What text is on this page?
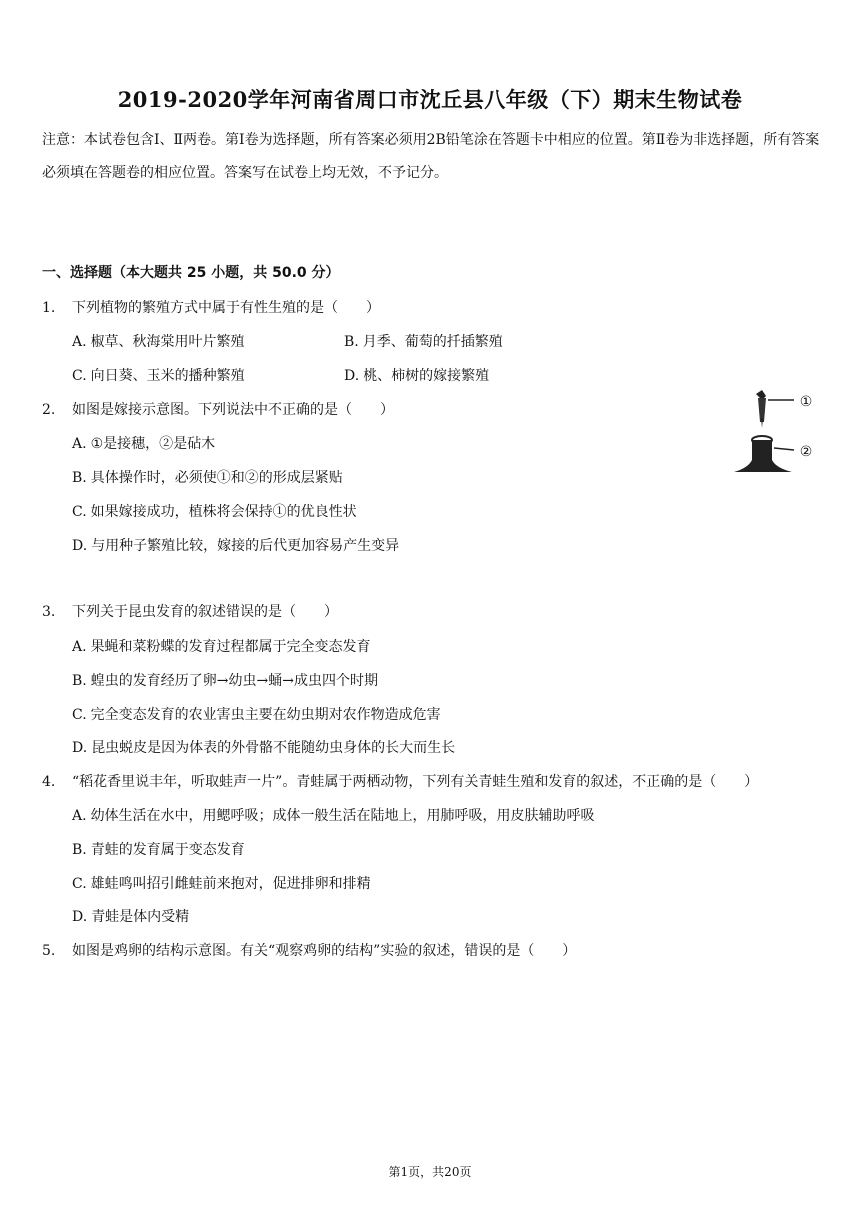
2019-2020学年河南省周口市沈丘县八年级（下）期末生物试卷
注意：本试卷包含Ⅰ、Ⅱ两卷。第Ⅰ卷为选择题，所有答案必须用2B铅笔涂在答题卡中相应的位置。第Ⅱ卷为非选择题，所有答案必须填在答题卷的相应位置。答案写在试卷上均无效，不予记分。
一、选择题（本大题共 25 小题，共 50.0 分）
1. 下列植物的繁殖方式中属于有性生殖的是（　　）
A. 椒草、秋海棠用叶片繁殖	B. 月季、葡萄的扦插繁殖
C. 向日葵、玉米的播种繁殖	D. 桃、柿树的嫁接繁殖
2. 如图是嫁接示意图。下列说法中不正确的是（　　）
A. ①是接穗，②是砧木
B. 具体操作时，必须使①和②的形成层紧贴
C. 如果嫁接成功，植株将会保持①的优良性状
D. 与用种子繁殖比较，嫁接的后代更加容易产生变异
①
②
3. 下列关于昆虫发育的叙述错误的是（　　）
A. 果蝇和菜粉蝶的发育过程都属于完全变态发育
B. 蝗虫的发育经历了卵→幼虫→蛹→成虫四个时期
C. 完全变态发育的农业害虫主要在幼虫期对农作物造成危害
D. 昆虫蜕皮是因为体表的外骨骼不能随幼虫身体的长大而生长
4. “稻花香里说丰年，听取蛙声一片”。青蛙属于两栖动物，下列有关青蛙生殖和发育的叙述，不正确的是（　　）
A. 幼体生活在水中，用鳃呼吸；成体一般生活在陆地上，用肺呼吸，用皮肤辅助呼吸
B. 青蛙的发育属于变态发育
C. 雄蛙鸣叫招引雌蛙前来抱对，促进排卵和排精
D. 青蛙是体内受精
5. 如图是鸡卵的结构示意图。有关“观察鸡卵的结构”实验的叙述，错误的是（　　）
第1页，共20页
